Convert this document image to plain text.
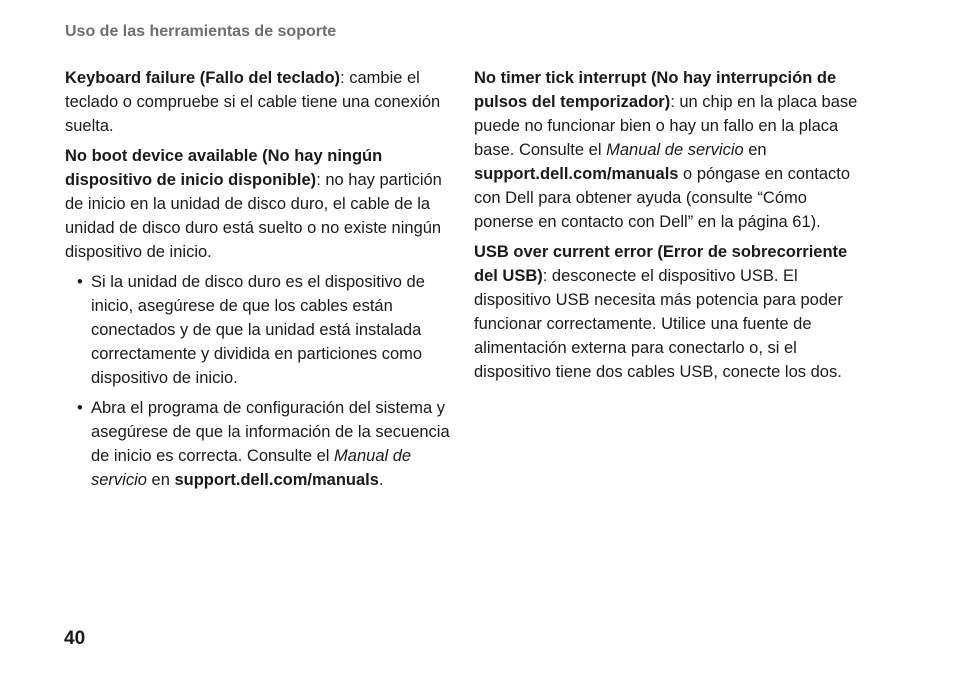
Uso de las herramientas de soporte

Keyboard failure (Fallo del teclado): cambie el teclado o compruebe si el cable tiene una conexión suelta.

No boot device available (No hay ningún dispositivo de inicio disponible): no hay partición de inicio en la unidad de disco duro, el cable de la unidad de disco duro está suelto o no existe ningún dispositivo de inicio.

• Si la unidad de disco duro es el dispositivo de inicio, asegúrese de que los cables están conectados y de que la unidad está instalada correctamente y dividida en particiones como dispositivo de inicio.
• Abra el programa de configuración del sistema y asegúrese de que la información de la secuencia de inicio es correcta. Consulte el Manual de servicio en support.dell.com/manuals.

No timer tick interrupt (No hay interrupción de pulsos del temporizador): un chip en la placa base puede no funcionar bien o hay un fallo en la placa base. Consulte el Manual de servicio en support.dell.com/manuals o póngase en contacto con Dell para obtener ayuda (consulte “Cómo ponerse en contacto con Dell” en la página 61).

USB over current error (Error de sobrecorriente del USB): desconecte el dispositivo USB. El dispositivo USB necesita más potencia para poder funcionar correctamente. Utilice una fuente de alimentación externa para conectarlo o, si el dispositivo tiene dos cables USB, conecte los dos.

40
